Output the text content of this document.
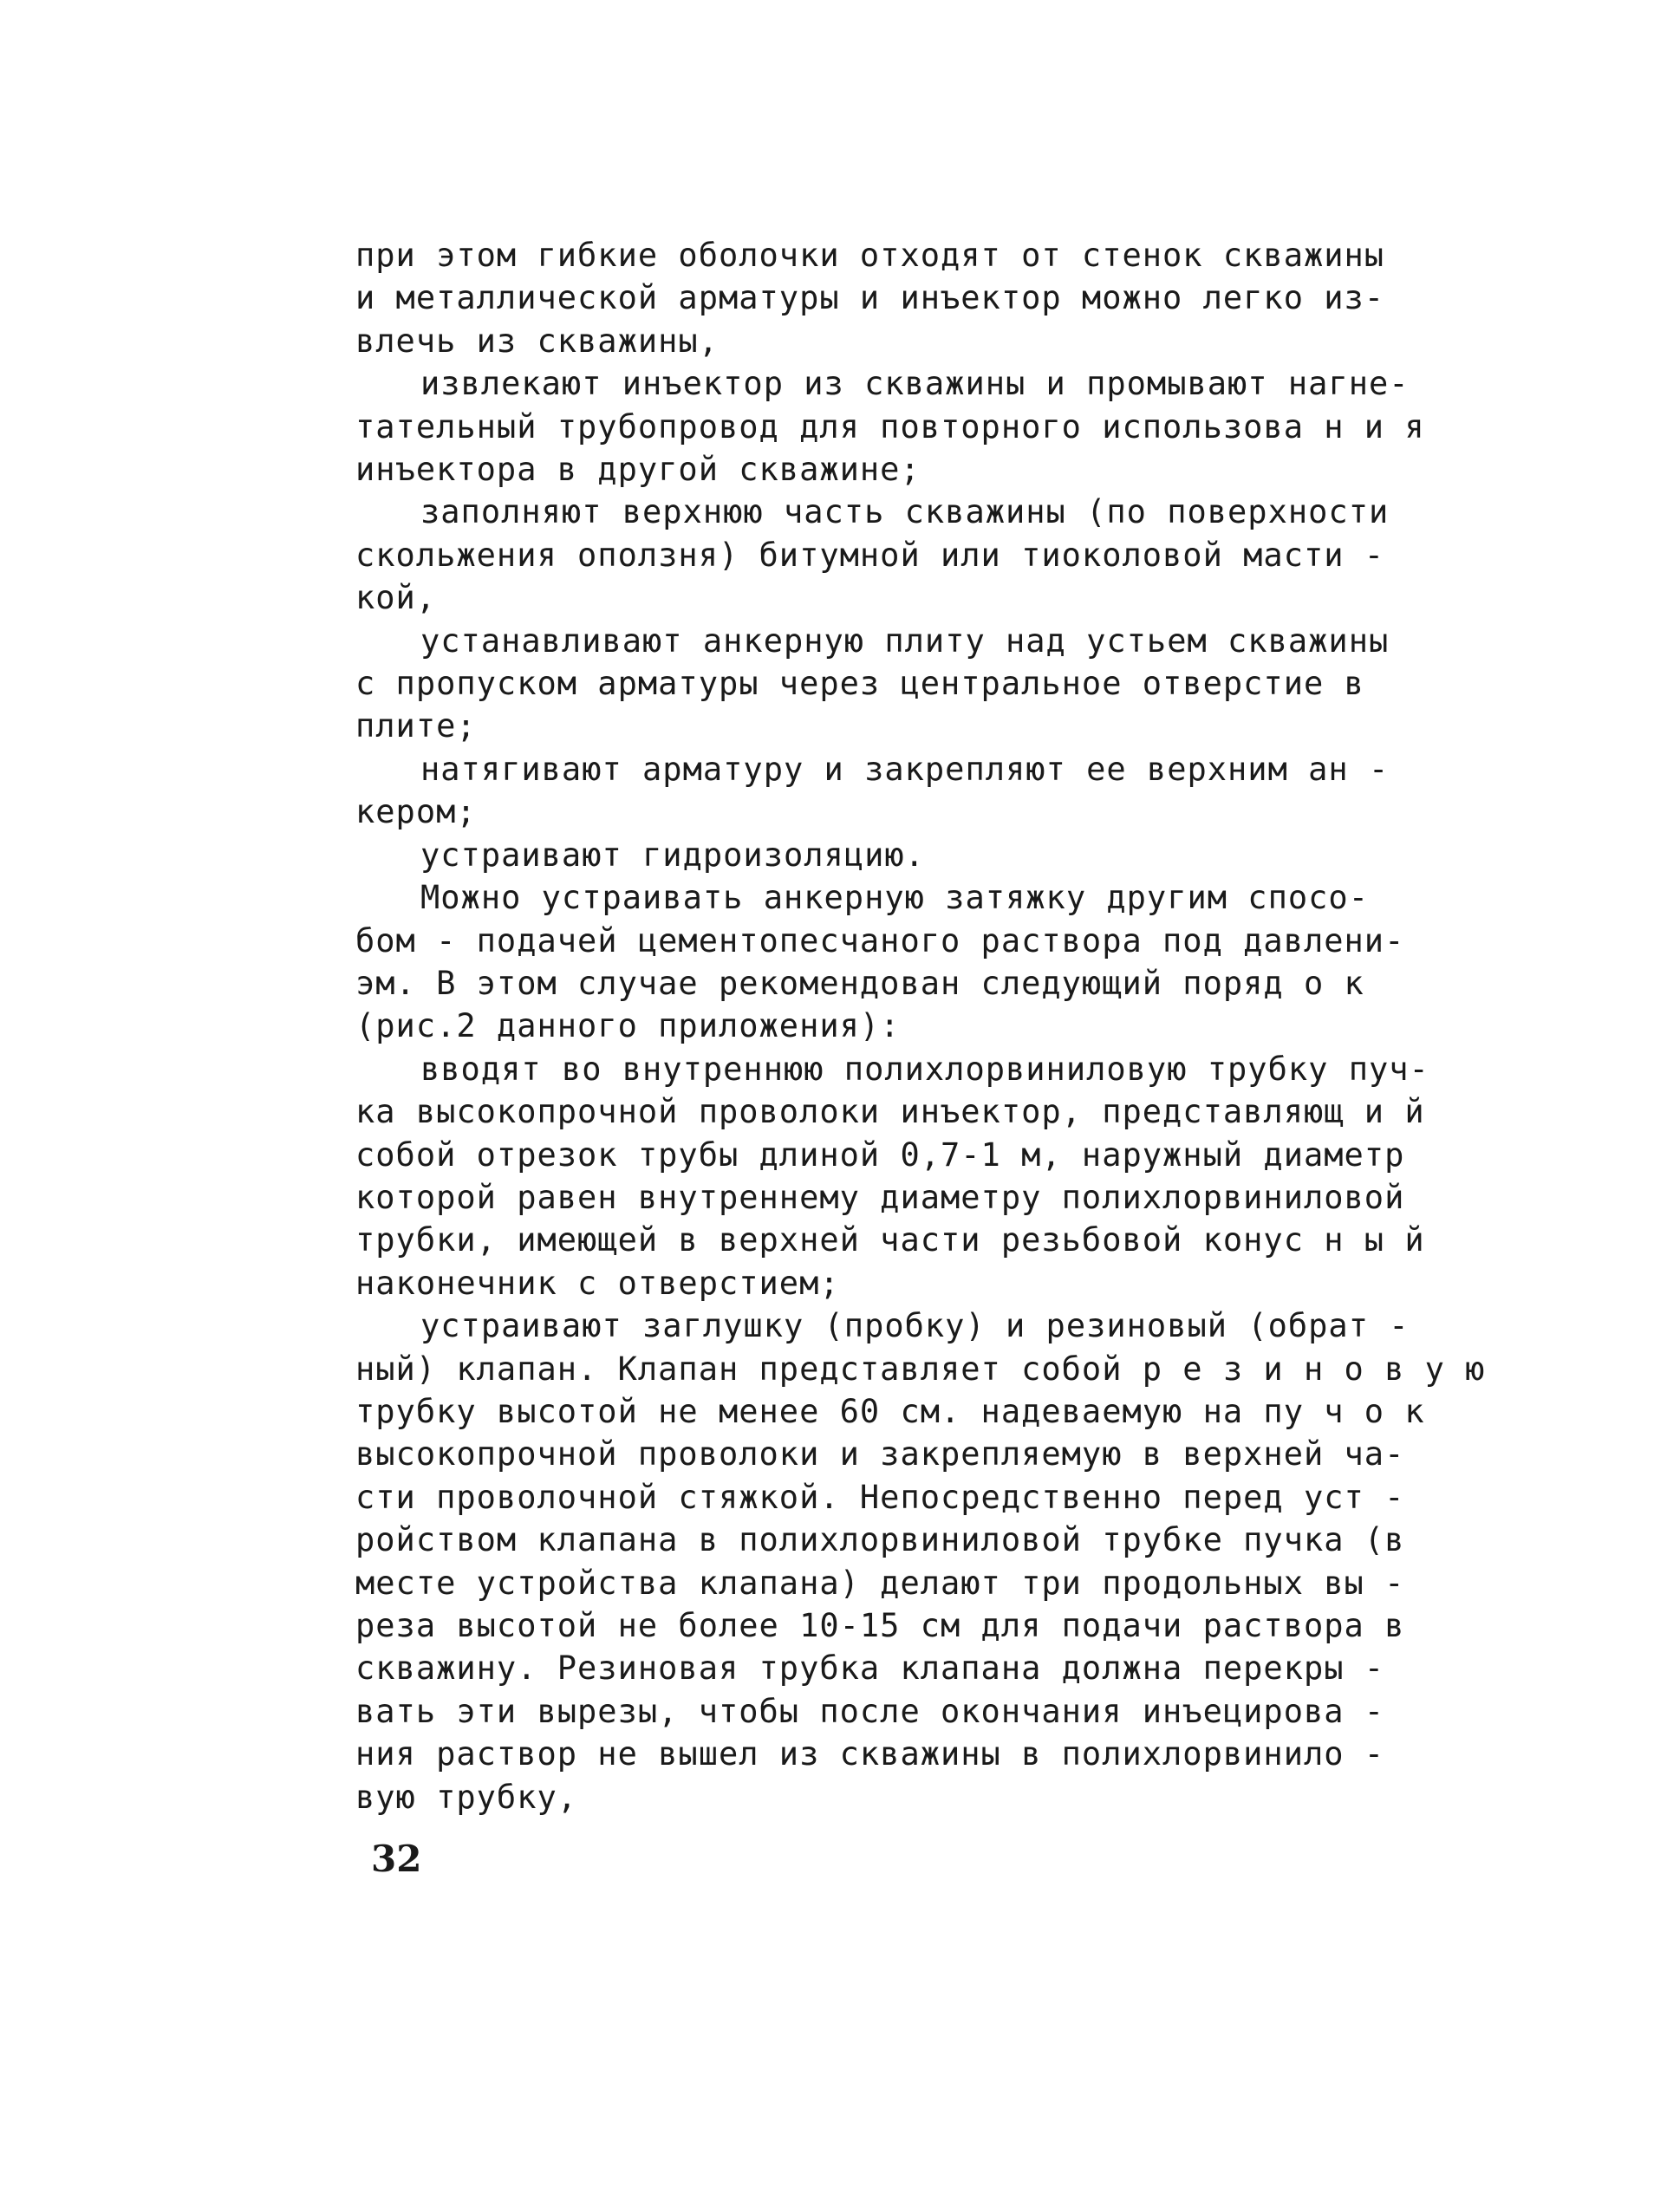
при этом гибкие оболочки отходят от стенок скважины
и металлической арматуры и инъектор можно легко из-
влечь из скважины,
извлекают инъектор из скважины и промывают нагне-
тательный трубопровод для повторного использова н и я
инъектора в другой скважине;
заполняют верхнюю часть скважины (по поверхности
скольжения оползня) битумной или тиоколовой масти -
кой,
устанавливают анкерную плиту над устьем скважины
с пропуском арматуры через центральное отверстие в
плите;
натягивают арматуру и закрепляют ее верхним ан -
кером;
устраивают гидроизоляцию.
Можно устраивать анкерную затяжку другим спосо-
бом - подачей цементопесчаного раствора под давлени-
эм. В этом случае рекомендован следующий поряд о к
(рис.2 данного приложения):
вводят во внутреннюю полихлорвиниловую трубку пуч-
ка высокопрочной проволоки инъектор, представляющ и й
собой отрезок трубы длиной 0,7-1 м, наружный диаметр
которой равен внутреннему диаметру полихлорвиниловой
трубки, имеющей в верхней части резьбовой конус н ы й
наконечник с отверстием;
устраивают заглушку (пробку) и резиновый (обрат -
ный) клапан. Клапан представляет собой р е з и н о в у ю
трубку высотой не менее 60 см. надеваемую на пу ч о к
высокопрочной проволоки и закрепляемую в верхней ча-
сти проволочной стяжкой. Непосредственно перед уст -
ройством клапана в полихлорвиниловой трубке пучка (в
месте устройства клапана) делают три продольных вы -
реза высотой не более 10-15 см для подачи раствора в
скважину. Резиновая трубка клапана должна перекры -
вать эти вырезы, чтобы после окончания инъецирова -
ния раствор не вышел из скважины в полихлорвинило -
вую трубку,
32
